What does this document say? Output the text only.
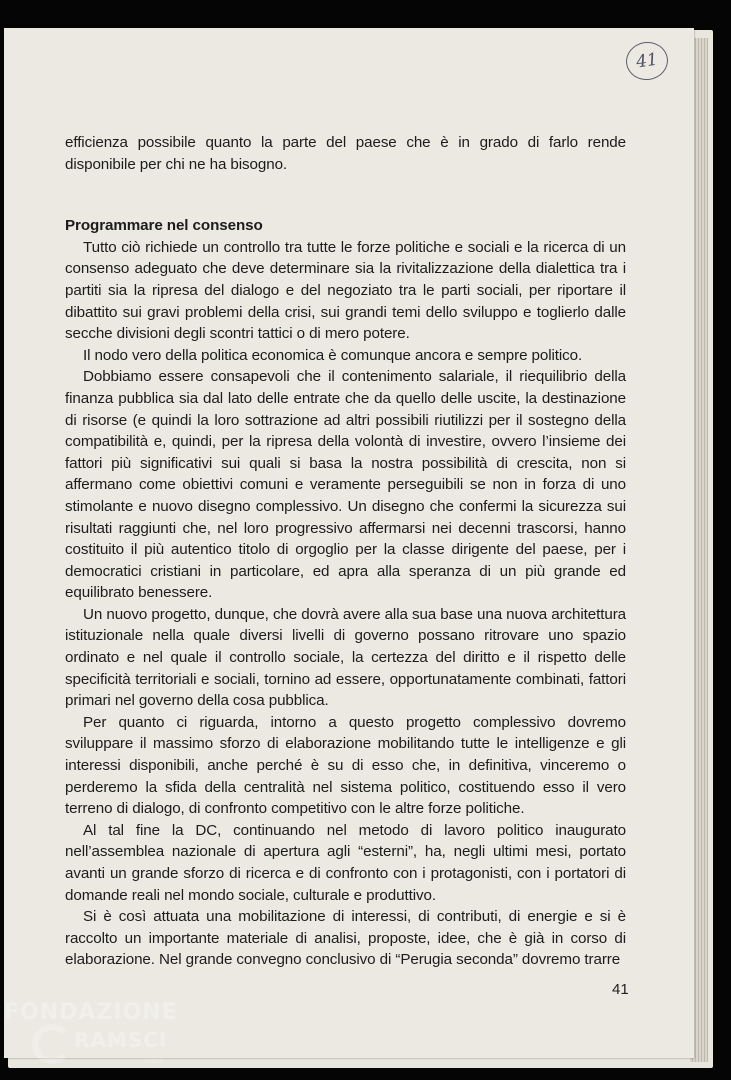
41

efficienza possibile quanto la parte del paese che è in grado di farlo rende disponibile per chi ne ha bisogno.

Programmare nel consenso

Tutto ciò richiede un controllo tra tutte le forze politiche e sociali e la ricerca di un consenso adeguato che deve determinare sia la rivitalizzazione della dialettica tra i partiti sia la ripresa del dialogo e del negoziato tra le parti sociali, per riportare il dibattito sui gravi problemi della crisi, sui grandi temi dello sviluppo e toglierlo dalle secche divisioni degli scontri tattici o di mero potere.

Il nodo vero della politica economica è comunque ancora e sempre politico.

Dobbiamo essere consapevoli che il contenimento salariale, il riequilibrio della finanza pubblica sia dal lato delle entrate che da quello delle uscite, la destinazione di risorse (e quindi la loro sottrazione ad altri possibili riutilizzi per il sostegno della compatibilità e, quindi, per la ripresa della volontà di investire, ovvero l’insieme dei fattori più significativi sui quali si basa la nostra possibilità di crescita, non si affermano come obiettivi comuni e veramente perseguibili se non in forza di uno stimolante e nuovo disegno complessivo. Un disegno che confermi la sicurezza sui risultati raggiunti che, nel loro progressivo affermarsi nei decenni trascorsi, hanno costituito il più autentico titolo di orgoglio per la classe dirigente del paese, per i democratici cristiani in particolare, ed apra alla speranza di un più grande ed equilibrato benessere.

Un nuovo progetto, dunque, che dovrà avere alla sua base una nuova architettura istituzionale nella quale diversi livelli di governo possano ritrovare uno spazio ordinato e nel quale il controllo sociale, la certezza del diritto e il rispetto delle specificità territoriali e sociali, tornino ad essere, opportunatamente combinati, fattori primari nel governo della cosa pubblica.

Per quanto ci riguarda, intorno a questo progetto complessivo dovremo sviluppare il massimo sforzo di elaborazione mobilitando tutte le intelligenze e gli interessi disponibili, anche perché è su di esso che, in definitiva, vinceremo o perderemo la sfida della centralità nel sistema politico, costituendo esso il vero terreno di dialogo, di confronto competitivo con le altre forze politiche.

Al tal fine la DC, continuando nel metodo di lavoro politico inaugurato nell’assemblea nazionale di apertura agli “esterni”, ha, negli ultimi mesi, portato avanti un grande sforzo di ricerca e di confronto con i protagonisti, con i portatori di domande reali nel mondo sociale, culturale e produttivo.

Si è così attuata una mobilitazione di interessi, di contributi, di energie e si è raccolto un importante materiale di analisi, proposte, idee, che è già in corso di elaborazione. Nel grande convegno conclusivo di “Perugia seconda” dovremo trarre

41
FONDAZIONE
RAMSCI
onlus
